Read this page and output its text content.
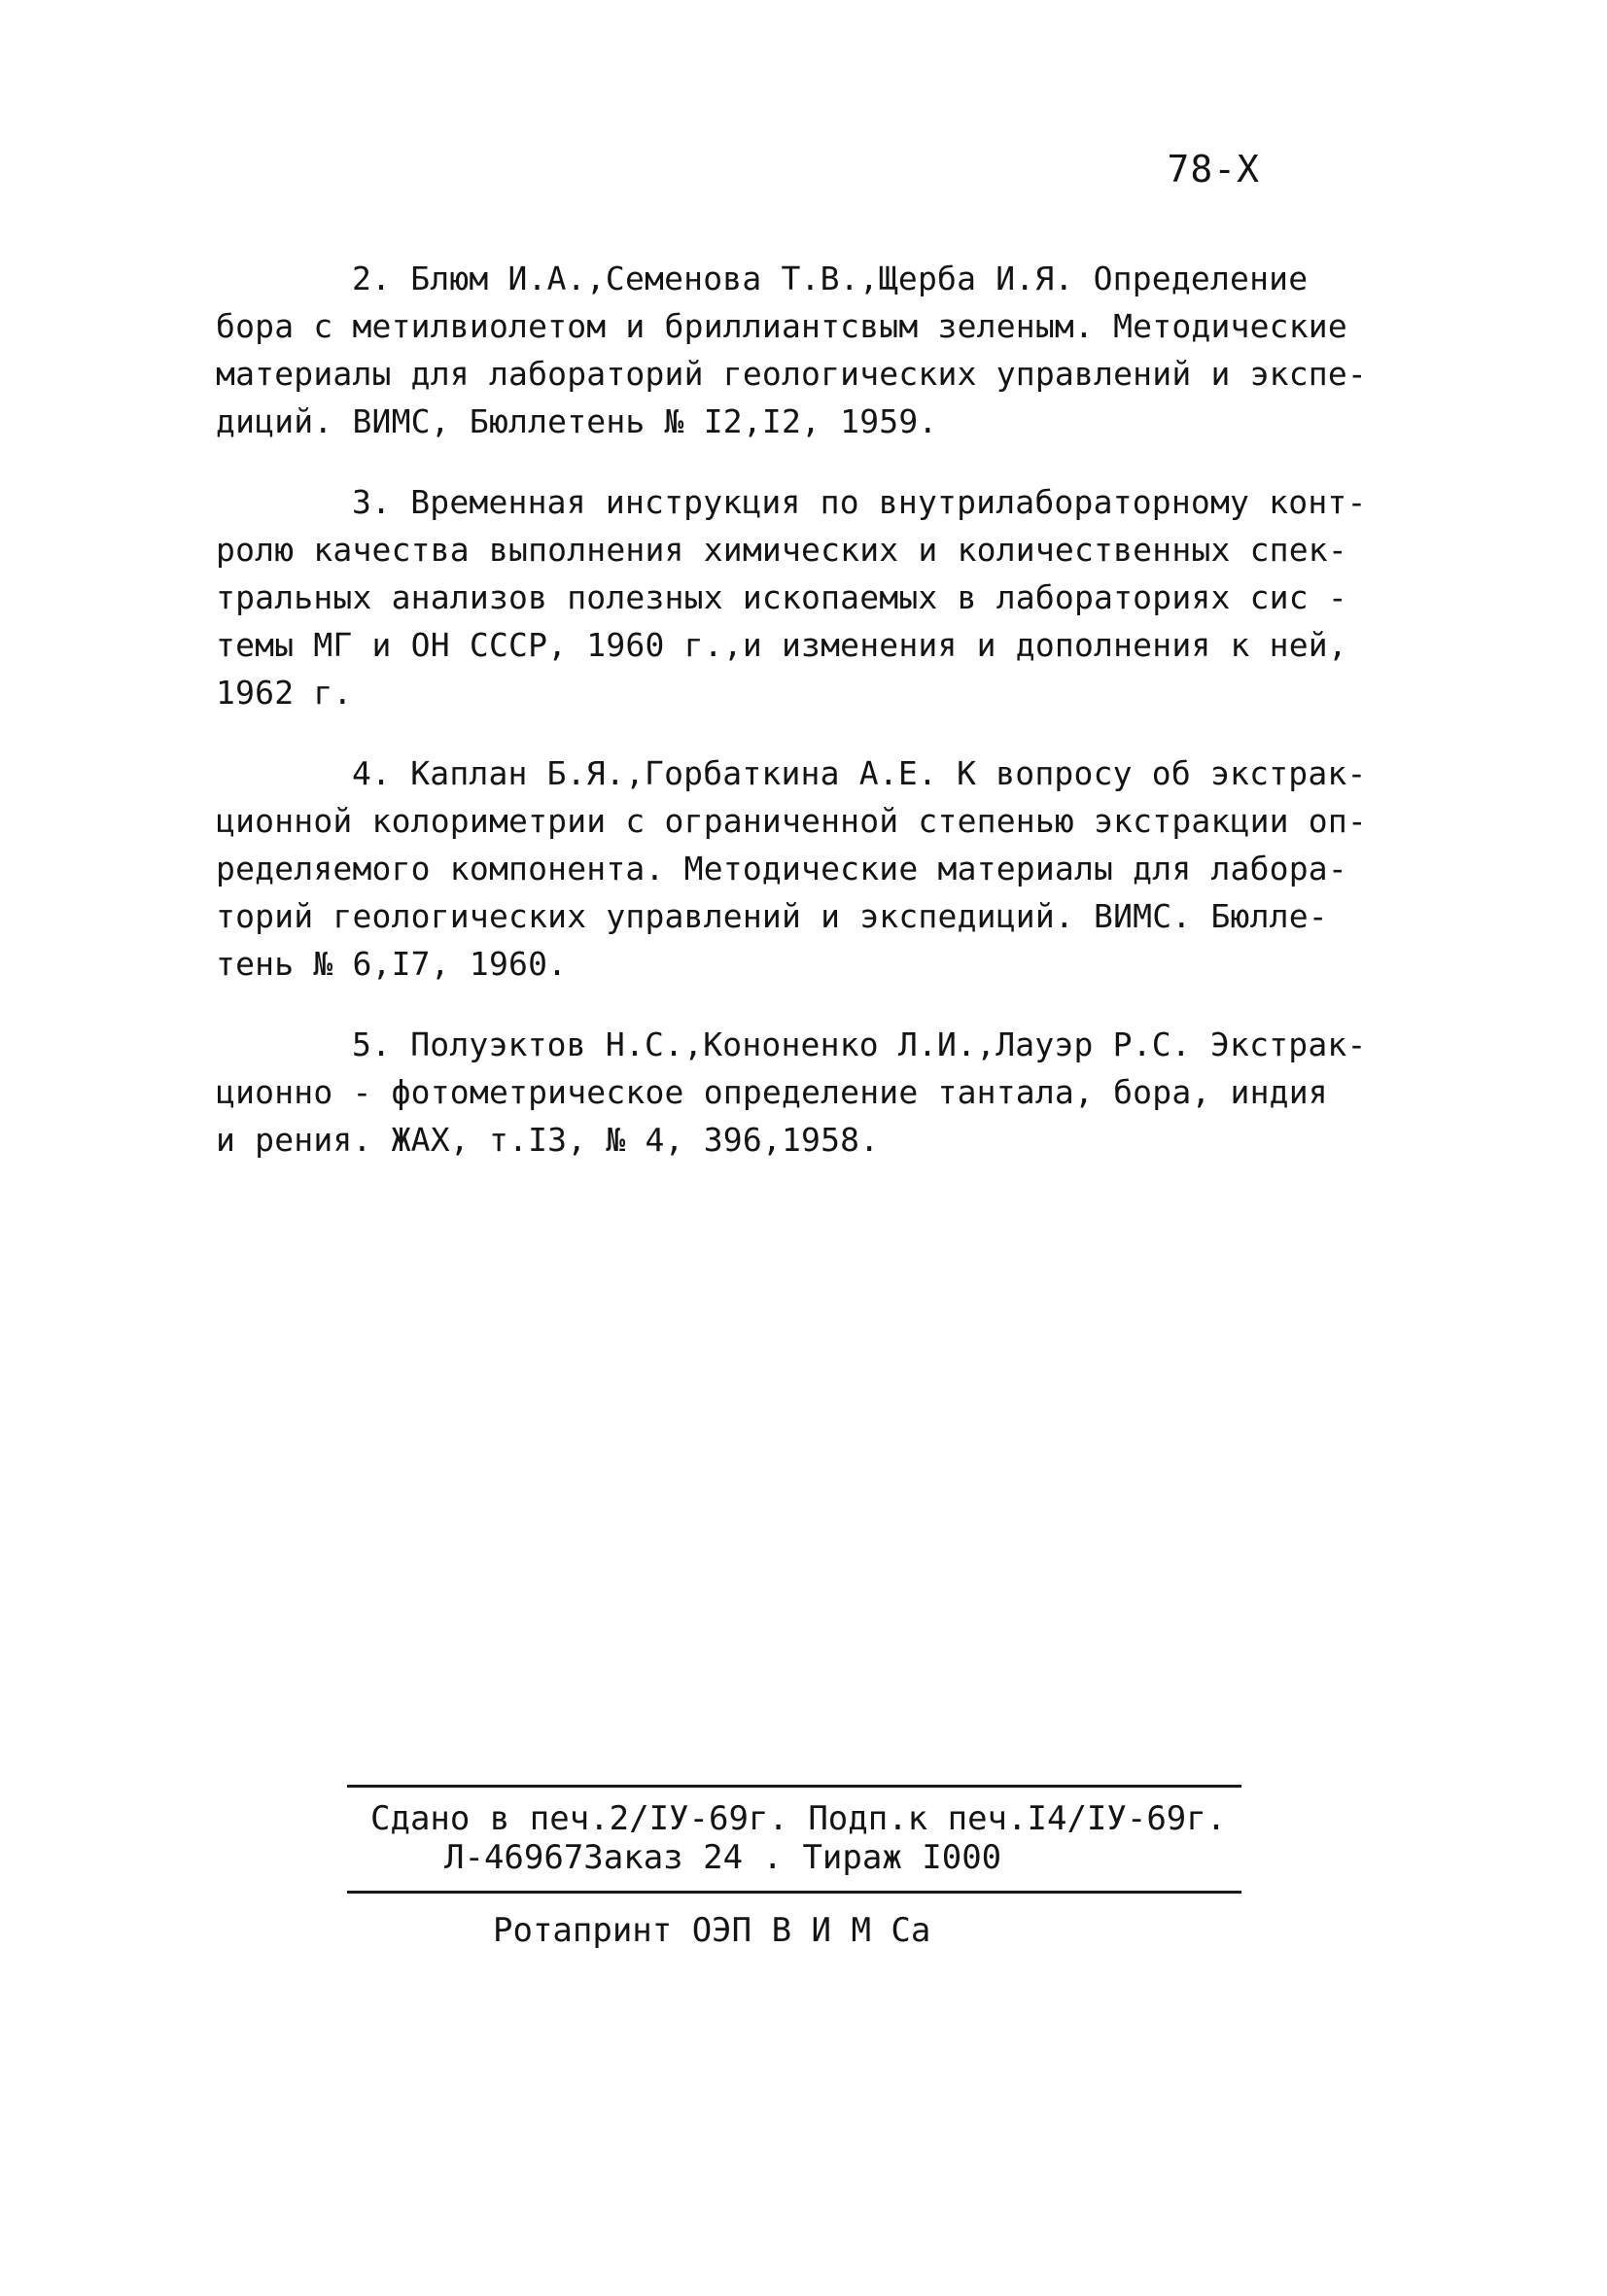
78-Х

2. Блюм И.А.,Семенова Т.В.,Щерба И.Я. Определение
бора с метилвиолетом и бриллиантсвым зеленым. Методические
материалы для лабораторий геологических управлений и экспе-
диций. ВИМС, Бюллетень № I2,I2, 1959.

3. Временная инструкция по внутрилабораторному конт-
ролю качества выполнения химических и количественных спек-
тральных анализов полезных ископаемых в лабораториях сис -
темы МГ и ОН СССР, 1960 г.,и изменения и дополнения к ней,
1962 г.

4. Каплан Б.Я.,Горбаткина А.Е. К вопросу об экстрак-
ционной колориметрии с ограниченной степенью экстракции оп-
ределяемого компонента. Методические материалы для лабора-
торий геологических управлений и экспедиций. ВИМС. Бюлле-
тень № 6,I7, 1960.

5. Полуэктов Н.С.,Кононенко Л.И.,Лауэр Р.С. Экстрак-
ционно - фотометрическое определение тантала, бора, индия
и рения. ЖАХ, т.I3, № 4, 396,1958.

Сдано в печ.2/IУ-69г. Подп.к печ.I4/IУ-69г.
Л-46967Заказ 24 . Тираж I000
Ротапринт ОЭП В И М Са
